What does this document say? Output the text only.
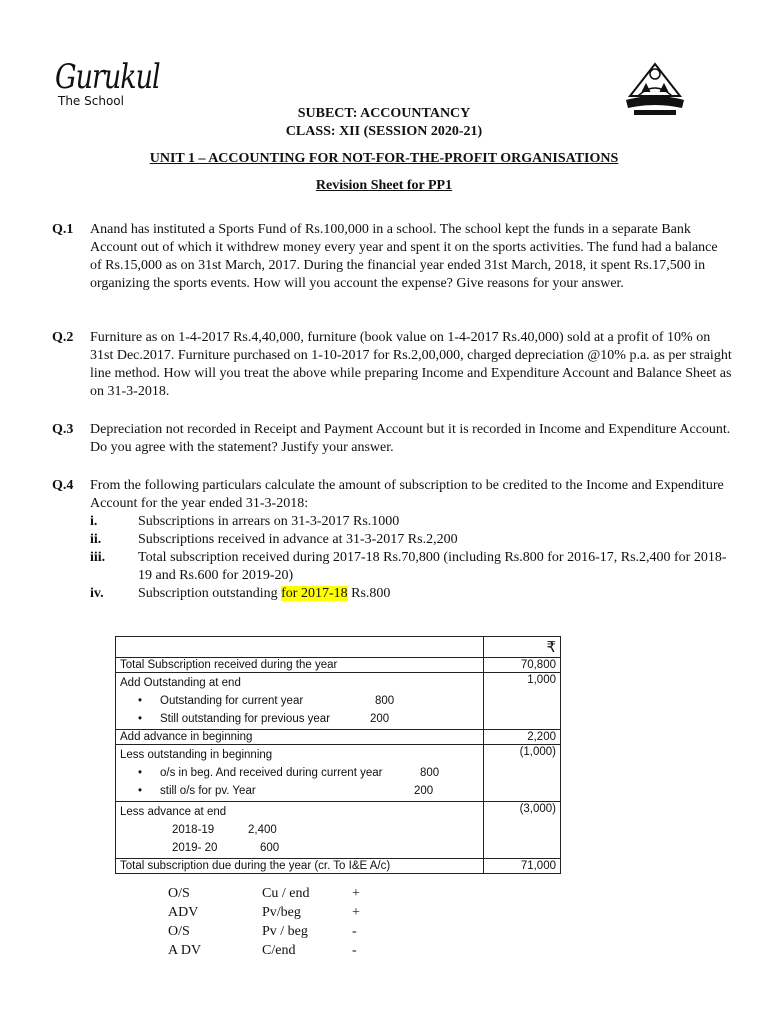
Gurukul
The School
SUBECT: ACCOUNTANCY
CLASS: XII (SESSION 2020-21)
UNIT 1 – ACCOUNTING FOR NOT-FOR-THE-PROFIT ORGANISATIONS
Revision Sheet for PP1
Q.1 Anand has instituted a Sports Fund of Rs.100,000 in a school. The school kept the funds in a separate Bank Account out of which it withdrew money every year and spent it on the sports activities. The fund had a balance of Rs.15,000 as on 31st March, 2017. During the financial year ended 31st March, 2018, it spent Rs.17,500 in organizing the sports events. How will you account the expense? Give reasons for your answer.
Q.2 Furniture as on 1-4-2017 Rs.4,40,000, furniture (book value on 1-4-2017 Rs.40,000) sold at a profit of 10% on 31st Dec.2017. Furniture purchased on 1-10-2017 for Rs.2,00,000, charged depreciation @10% p.a. as per straight line method. How will you treat the above while preparing Income and Expenditure Account and Balance Sheet as on 31-3-2018.
Q.3 Depreciation not recorded in Receipt and Payment Account but it is recorded in Income and Expenditure Account. Do you agree with the statement? Justify your answer.
Q.4 From the following particulars calculate the amount of subscription to be credited to the Income and Expenditure Account for the year ended 31-3-2018:
i.	Subscriptions in arrears on 31-3-2017 Rs.1000
ii.	Subscriptions received in advance at 31-3-2017 Rs.2,200
iii. Total subscription received during 2017-18 Rs.70,800 (including Rs.800 for 2016-17, Rs.2,400 for 2018-19 and Rs.600 for 2019-20)
iv. Subscription outstanding for 2017-18 Rs.800
	₹
Total Subscription received during the year	70,800

Add Outstanding at end
• Outstanding for current year 800
• Still outstanding for previous year 200	1,000
Add advance in beginning	2,200

Less outstanding in beginning
• o/s in beg. And received during current year 800
• still o/s for pv. Year 200	(1,000)

Less advance at end
2018-19 2,400
2019- 20 600	(3,000)
Total subscription due during the year (cr. To I&E A/c)	71,000
O/S	Cu / end	+
ADV	Pv/beg	+
O/S	Pv / beg	-
A DV	C/end	-
